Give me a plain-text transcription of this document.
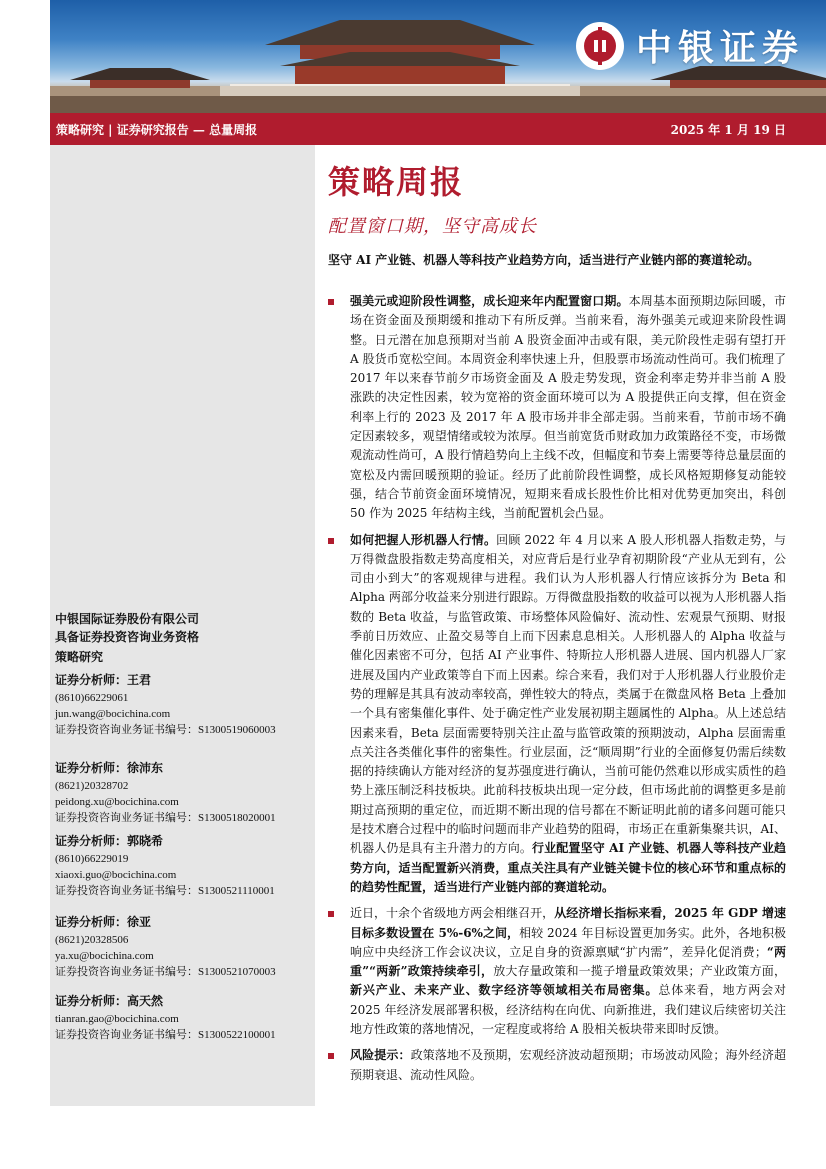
中银证券
策略研究 | 证券研究报告 — 总量周报	2025 年 1 月 19 日
中银国际证券股份有限公司
具备证券投资咨询业务资格
策略研究
证券分析师：王君
(8610)66229061
jun.wang@bocichina.com
证券投资咨询业务证书编号：S1300519060003
证券分析师：徐沛东
(8621)20328702
peidong.xu@bocichina.com
证券投资咨询业务证书编号：S1300518020001
证券分析师：郭晓希
(8610)66229019
xiaoxi.guo@bocichina.com
证券投资咨询业务证书编号：S1300521110001
证券分析师：徐亚
(8621)20328506
ya.xu@bocichina.com
证券投资咨询业务证书编号：S1300521070003
证券分析师：高天然
tianran.gao@bocichina.com
证券投资咨询业务证书编号：S1300522100001
策略周报
配置窗口期，坚守高成长
坚守 AI 产业链、机器人等科技产业趋势方向，适当进行产业链内部的赛道轮动。
强美元或迎阶段性调整，成长迎来年内配置窗口期。本周基本面预期边际回暖，市场在资金面及预期缓和推动下有所反弹。当前来看，海外强美元或迎来阶段性调整。日元潜在加息预期对当前 A 股资金面冲击或有限，美元阶段性走弱有望打开 A 股货币宽松空间。本周资金利率快速上升，但股票市场流动性尚可。我们梳理了 2017 年以来春节前夕市场资金面及 A 股走势发现，资金利率走势并非当前 A 股涨跌的决定性因素，较为宽裕的资金面环境可以为 A 股提供正向支撑，但在资金利率上行的 2023 及 2017 年 A 股市场并非全部走弱。当前来看，节前市场不确定因素较多，观望情绪或较为浓厚。但当前宽货币财政加力政策路径不变，市场微观流动性尚可，A 股行情趋势向上主线不改，但幅度和节奏上需要等待总量层面的宽松及内需回暖预期的验证。经历了此前阶段性调整，成长风格短期修复动能较强，结合节前资金面环境情况，短期来看成长股性价比相对优势更加突出，科创 50 作为 2025 年结构主线，当前配置机会凸显。
如何把握人形机器人行情。回顾 2022 年 4 月以来 A 股人形机器人指数走势，与万得微盘股指数走势高度相关，对应背后是行业孕育初期阶段“产业从无到有，公司由小到大”的客观规律与进程。我们认为人形机器人行情应该拆分为 Beta 和 Alpha 两部分收益来分别进行跟踪。万得微盘股指数的收益可以视为人形机器人指数的 Beta 收益，与监管政策、市场整体风险偏好、流动性、宏观景气预期、财报季前日历效应、止盈交易等自上而下因素息息相关。人形机器人的 Alpha 收益与催化因素密不可分，包括 AI 产业事件、特斯拉人形机器人进展、国内机器人厂家进展及国内产业政策等自下而上因素。综合来看，我们对于人形机器人行业股价走势的理解是其具有波动率较高，弹性较大的特点，类属于在微盘风格 Beta 上叠加一个具有密集催化事件、处于确定性产业发展初期主题属性的 Alpha。从上述总结因素来看，Beta 层面需要特别关注止盈与监管政策的预期波动，Alpha 层面需重点关注各类催化事件的密集性。行业层面，泛“顺周期”行业的全面修复仍需后续数据的持续确认方能对经济的复苏强度进行确认，当前可能仍然难以形成实质性的趋势上涨压制泛科技板块。此前科技板块出现一定分歧，但市场此前的调整更多是前期过高预期的重定位，而近期不断出现的信号都在不断证明此前的诸多问题可能只是技术磨合过程中的临时问题而非产业趋势的阻碍，市场正在重新集聚共识，AI、机器人仍是具有主升潜力的方向。行业配置坚守 AI 产业链、机器人等科技产业趋势方向，适当配置新兴消费，重点关注具有产业链关键卡位的核心环节和重点标的的趋势性配置，适当进行产业链内部的赛道轮动。
近日，十余个省级地方两会相继召开，从经济增长指标来看，2025 年 GDP 增速目标多数设置在 5%-6%之间，相较 2024 年目标设置更加务实。此外，各地积极响应中央经济工作会议决议，立足自身的资源禀赋“扩内需”，差异化促消费；“两重”“两新”政策持续牵引，放大存量政策和一揽子增量政策效果；产业政策方面，新兴产业、未来产业、数字经济等领域相关布局密集。总体来看，地方两会对 2025 年经济发展部署积极，经济结构在向优、向新推进，我们建议后续密切关注地方性政策的落地情况，一定程度或将给 A 股相关板块带来即时反馈。
风险提示：政策落地不及预期，宏观经济波动超预期；市场波动风险；海外经济超预期衰退、流动性风险。
